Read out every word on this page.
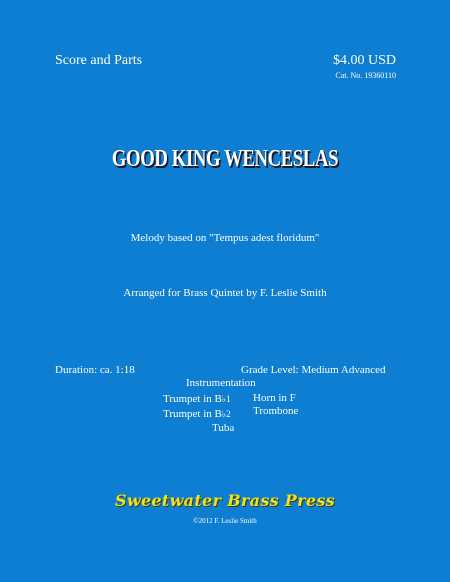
Score and Parts	$4.00 USD
Cat. No. 19360110
GOOD KING WENCESLAS
Melody based on "Tempus adest floridum"
Arranged for Brass Quintet by F. Leslie Smith
Duration: ca. 1:18	Grade Level: Medium Advanced
Instrumentation
Trumpet in B♭1 Horn in F
Trumpet in B♭2 Trombone
Tuba
Sweetwater Brass Press
©2012 F. Leslie Smith
